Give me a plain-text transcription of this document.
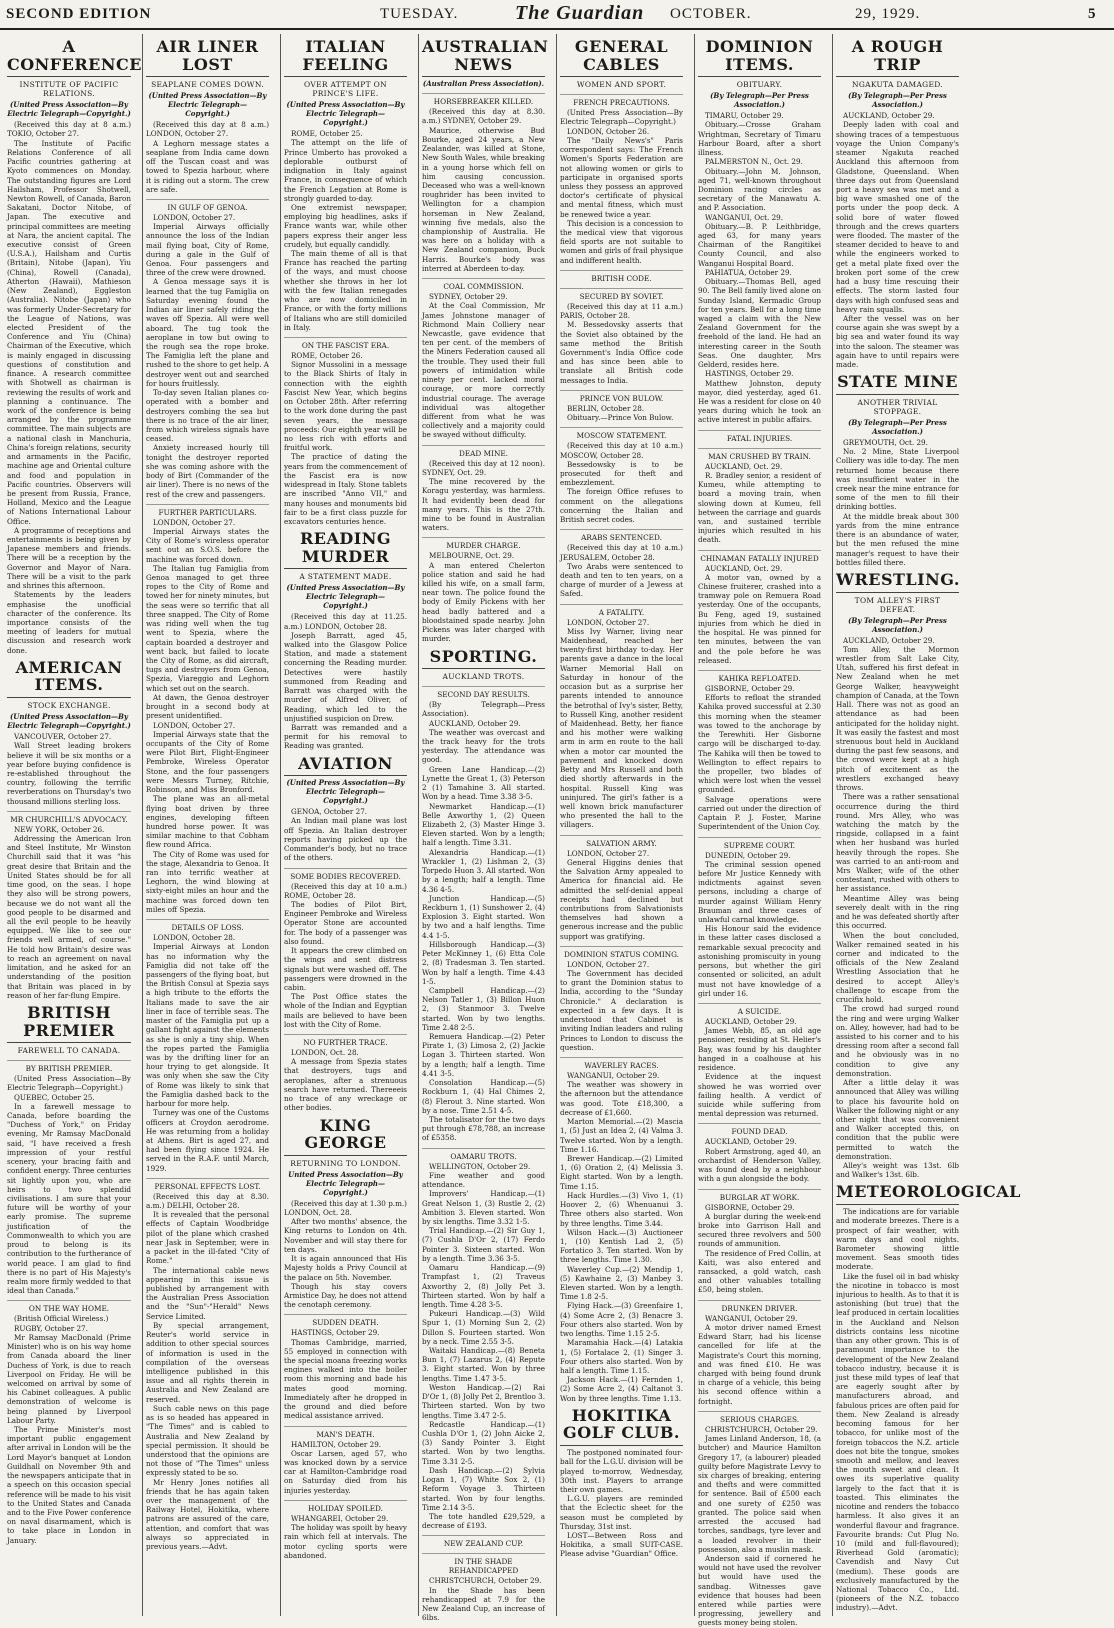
SECOND EDITION	TUESDAY.	The Guardian OCTOBER.	29, 1929.	5
A CONFERENCE
INSTITUTE OF PACIFIC RELATIONS.
(United Press Association—By Electric Telegraph—Copyright.)

(Received this day at 8 a.m.) TOKIO, October 27.

The Institute of Pacific Relations Conference of all Pacific countries gathering at Kyoto commences on Monday. The outstanding figures are Lord Hailsham, Professor Shotwell, Newton Rowell, of Canada, Baron Sakatani, Doctor Nitobe, of Japan. The executive and principal committees are meeting at Nara, the ancient capital. The executive consist of Green (U.S.A.), Hailsham and Curtis (Britain), Nitobe (Japan), Yiu (China), Rowell (Canada), Atherton (Hawaii), Mathieson (New Zealand), Eggleston (Australia). Nitobe (Japan) who was formerly Under-Secretary for the League of Nations, was elected President of the Conference and Yiu (China) Chairman of the Executive, which is mainly engaged in discussing questions of constitution and finance. A research committee with Shotwell as chairman is reviewing the results of work and planning a continuance. The work of the conference is being arranged by the programme committee. The main subjects are a national clash in Manchuria, China's foreign relations, security and armaments in the Pacific, machine age and Oriental culture and food and population in Pacific countries. Observers will be present from Russia, France, Holland, Mexico and the League of Nations International Labour Office.

A programme of receptions and entertainments is being given by Japanese members and friends. There will be a reception by the Governor and Mayor of Nara. There will be a visit to the park and shrines this afternoon.

Statements by the leaders emphasise the unofficial character of the conference. Its importance consists of the meeting of leaders for mutual discussion and research work done.

AMERICAN ITEMS.
STOCK EXCHANGE.
(United Press Association—By Electric Telegraph—Copyright.)

VANCOUVER, October 27.

Wall Street leading brokers believe it will be six months or a year before buying confidence is re-established throughout the country, following the terrific reverberations on Thursday's two thousand millions sterling loss.

MR CHURCHILL'S ADVOCACY.

NEW YORK, October 26.

Addressing the American Iron and Steel Institute, Mr Winston Churchill said that it was "his great desire that Britain and the United States should be for all time good, on the seas. I hope they also will be strong powers, because we do not want all the good people to be disarmed and all the evil people to be heavily equipped. We like to see our friends well armed, of course." He told how Britain's desire was to reach an agreement on naval limitation, and he asked for an understanding of the position that Britain was placed in by reason of her far-flung Empire.

BRITISH PREMIER
FAREWELL TO CANADA.
BY BRITISH PREMIER.

(United Press Association—By Electric Telegraph—Copyright.)

QUEBEC, October 25.

In a farewell message to Canada, before boarding the "Duchess of York," on Friday evening, Mr Ramsay MacDonald said, "I have received a fresh impression of your restful scenery, your bracing faith and confident energy. Three centuries sit lightly upon you, who are heirs to two splendid civilisations. I am sure that your future will be worthy of your early promise. The supreme justification of the Commonwealth to which you are proud to belong is its contribution to the furtherance of world peace. I am glad to find there is no part of His Majesty's realm more firmly wedded to that ideal than Canada."

ON THE WAY HOME.

(British Official Wireless.)

RUGBY, October 27.

Mr Ramsay MacDonald (Prime Minister) who is on his way home from Canada aboard the liner Duchess of York, is due to reach Liverpool on Friday. He will be welcomed on arrival by some of his Cabinet colleagues. A public demonstration of welcome is being planned by Liverpool Labour Party.

The Prime Minister's most important public engagement after arrival in London will be the Lord Mayor's banquet at London Guildhall on November 9th and the newspapers anticipate that in a speech on this occasion special reference will be made to his visit to the United States and Canada and to the Five Power conference on naval disarmament, which is to take place in London in January.

AIR LINER LOST
SEAPLANE COMES DOWN.
(United Press Association—By Electric Telegraph—Copyright.)

(Received this day at 8 a.m.) LONDON, October 27.

A Leghorn message states a seaplane from India came down off the Tuscan coast and was towed to Spezia harbour, where it is riding out a storm. The crew are safe.

IN GULF OF GENOA.

LONDON, October 27.

Imperial Airways officially announce the loss of the Indian mail flying boat, City of Rome, during a gale in the Gulf of Genoa. Four passengers and three of the crew were drowned.

A Genoa message says it is learned that the tug Famiglia on Saturday evening found the Indian air liner safely riding the waves off Spezia. All were well aboard. The tug took the aeroplane in tow but owing to the rough sea the rope broke. The Famiglia left the plane and rushed to the shore to get help. A destroyer went out and searched for hours fruitlessly.

To-day seven Italian planes co-operated with a bomber and destroyers combing the sea but there is no trace of the air liner, from which wireless signals have ceased.

Anxiety increased hourly till tonight the destroyer reported she was coming ashore with the body of Birt (Commander of the air liner). There is no news of the rest of the crew and passengers.

FURTHER PARTICULARS.

LONDON, October 27.

Imperial Airways states the City of Rome's wireless operator sent out an S.O.S. before the machine was forced down.

The Italian tug Famiglia from Genoa managed to get three ropes to the City of Rome and towed her for ninety minutes, but the seas were so terrific that all three snapped. The City of Rome was riding well when the tug went to Spezia, where the captain boarded a destroyer and went back, but failed to locate the City of Rome, as did aircraft, tugs and destroyers from Genoa, Spezia, Viareggio and Leghorn which set out on the search.

At dawn, the Genoa destroyer brought in a second body at present unidentified.

LONDON, October 27.

Imperial Airways state that the occupants of the City of Rome were Pilot Birt, Flight-Engineer Pembroke, Wireless Operator Stone, and the four passengers were Messrs Turney, Ritchie, Robinson, and Miss Bronford.

The plane was an all-metal flying boat driven by three engines, developing fifteen hundred horse power. It was similar machine to that Cobham flew round Africa.

The City of Rome was used for the stage, Alexandria to Genoa. It ran into terrific weather at Leghorn, the wind blowing at sixty-eight miles an hour and the machine was forced down ten miles off Spezia.

DETAILS OF LOSS.

LONDON, October 28.

Imperial Airways at London has no information why the Famiglia did not take off the passengers of the flying boat, but the British Consul at Spezia says a high tribute to the efforts the Italians made to save the air liner in face of terrible seas. The master of the Famiglia put up a gallant fight against the elements as she is only a tiny ship. When the ropes parted the Famiglia was by the drifting liner for an hour trying to get alongside. It was only when she saw the City of Rome was likely to sink that the Famiglia dashed back to the harbour for more help.

Turney was one of the Customs officers at Croydon aerodrome. He was returning from a holiday at Athens. Birt is aged 27, and had been flying since 1924. He served in the R.A.F. until March, 1929.

PERSONAL EFFECTS LOST.

(Received this day at 8.30. a.m.) DELHI, October 28.

It is revealed that the personal effects of Captain Woodbridge pilot of the plane which crashed near Jask in September, were in a packet in the ill-fated "City of Rome."

The international cable news appearing in this issue is published by arrangement with the Australian Press Association and the "Sun"-"Herald" News Service Limited.

By special arrangement, Reuter's world service in addition to other special sources of information is used in the compilation of the overseas intelligence published in this issue and all rights therein in Australia and New Zealand are reserved.

Such cable news on this page as is so headed has appeared in "The Times" and is cabled to Australia and New Zealand by special permission. It should be understood that the opinions are not those of "The Times" unless expressly stated to be so.

Mr Henry Jones notifies all friends that he has again taken over the management of the Railway Hotel, Hokitika, where patrons are assured of the care, attention, and comfort that was always so appreciated in previous years.—Advt.

ITALIAN FEELING
OVER ATTEMPT ON PRINCE'S LIFE.
(United Press Association—By Electric Telegraph—Copyright.)

ROME, October 25.

The attempt on the life of Prince Umberto has provoked a deplorable outburst of indignation in Italy against France, in consequence of which the French Legation at Rome is strongly guarded to-day.

One extremist newspaper, employing big headlines, asks if France wants war, while other papers express their anger less crudely, but equally candidly.

The main theme of all is that France has reached the parting of the ways, and must choose whether she throws in her lot with the few Italian renegades who are now domiciled in France, or with the forty millions of Italians who are still domiciled in Italy.

ON THE FASCIST ERA.

ROME, October 26.

Signor Mussolini in a message to the Black Shirts of Italy in connection with the eighth Fascist New Year, which begins on October 28th. After referring to the work done during the past seven years, the message proceeds: Our eighth year will be no less rich with efforts and fruitful work.

The practice of dating the years from the commencement of the Fascist era is now widespread in Italy. Stone tablets are inscribed "Anno VII," and many houses and monuments bid fair to be a first class puzzle for excavators centuries hence.

READING MURDER
A STATEMENT MADE.
(United Press Association—By Electric Telegraph—Copyright.)

(Received this day at 11.25. a.m.) LONDON, October 28.

Joseph Barratt, aged 45, walked into the Glasgow Police Station, and made a statement concerning the Reading murder. Detectives were hastily summoned from Reading and Barratt was charged with the murder of Alfred Oliver, of Reading, which led to the unjustified suspicion on Drew.

Barratt was remanded and a permit for his removal to Reading was granted.

AVIATION
(United Press Association—By Electric Telegraph—Copyright.)

GENOA, October 27.

An Indian mail plane was lost off Spezia. An Italian destroyer reports having picked up the Commander's body, but no trace of the others.

SOME BODIES RECOVERED.

(Received this day at 10 a.m.) ROME, October 28.

The bodies of Pilot Birt, Engineer Pembroke and Wireless Operator Stone are accounted for. The body of a passenger was also found.

It appears the crew climbed on the wings and sent distress signals but were washed off. The passengers were drowned in the cabin.

The Post Office states the whole of the Indian and Egyptian mails are believed to have been lost with the City of Rome.

NO FURTHER TRACE.

LONDON, Oct. 28.

A message from Spezia states that destroyers, tugs and aeroplanes, after a strenuous search have returned. Thereeeis no trace of any wreckage or other bodies.

KING GEORGE
RETURNING TO LONDON.
United Press Association—By Electric Telegraph—Copyright.)

(Received this day at 1.30 p.m.) LONDON, Oct. 28.

After two months' absence, the King returns to London on 4th. November and will stay there for ten days.

It is again announced that His Majesty holds a Privy Council at the palace on 5th. November.

Though his stay covers Armistice Day, he does not attend the cenotaph ceremony.

SUDDEN DEATH.

HASTINGS, October 29.

Thomas Cambridge, married, 55 employed in connection with the special moana freezing works engines walked into the boiler room this morning and bade his mates good morning. Immediately after he dropped in the ground and died before medical assistance arrived.

MAN'S DEATH.

HAMILTON, October 29.

Oscar Larsen, aged 57, who was knocked down by a service car at Hamilton-Cambridge road on Saturday died from his injuries yesterday.

HOLIDAY SPOILED.

WHANGAREI, October 29.

The holiday was spoilt by heavy rain which fell at intervals. The motor cycling sports were abandoned.

AUSTRALIAN NEWS
(Australian Press Association).
HORSEBREAKER KILLED.

(Received this day at 8.30. a.m.) SYDNEY, October 29.

Maurice, otherwise Bud Bourke, aged 24 years, a New Zealander, was killed at Stone, New South Wales, while breaking in a young horse which fell on him causing concussion. Deceased who was a well-known roughrider has been invited to Wellington for a champion horseman in New Zealand, winning five medals, also the championship of Australia. He was here on a holiday with a New Zealand companion, Buck Harris. Bourke's body was interred at Aberdeen to-day.

COAL COMMISSION.

SYDNEY, October 29.

At the Coal Commission, Mr James Johnstone manager of Richmond Main Colliery near Newcastle, gave evidence that ten per cent. of the members of the Miners Federation caused all the trouble. They used their full powers of intimidation while ninety per cent. lacked moral courage, or more correctly industrial courage. The average individual was altogether different from what he was collectively and a majority could be swayed without difficulty.

DEAD MINE.

(Received this day at 12 noon). SYDNEY, Oct. 29.

The mine recovered by the Koragu yesterday, was harmless. It had evidently been dead for many years. This is the 27th. mine to be found in Australian waters.

MURDER CHARGE.

MELBOURNE, Oct. 29.

A man entered Chelerton police station and said he had killed his wife, on a small farm, near town. The police found the body of Emily Pickens with her head badly battered and a bloodstained spade nearby. John Pickens was later charged with murder.

SPORTING.
AUCKLAND TROTS.
SECOND DAY RESULTS.

(By Telegraph—Press Association).

AUCKLAND, October 29.

The weather was overcast and the track heavy for the trots yesterday. The attendance was good.

Green Lane Handicap.—(2) Lynette the Great 1, (3) Peterson 2 (1) Tamahine 3. All started. Won by a head. Time 3.38 3-5.

Newmarket Handicap.—(1) Belle Axworthy 1, (2) Queen Elizabeth 2, (3) Master Hinge 3. Eleven started. Won by a length; half a length. Time 3.31.

Alexandria Handicap.—(1) Wrackler 1, (2) Lishman 2, (3) Torpedo Huon 3. All started. Won by a length; half a length. Time 4.36 4-5.

Junction Handicap.—(5) Reckburn 1, (1) Sunshower 2, (4) Explosion 3. Eight started. Won by two and a half lengths. Time 4.4 1-5.

Hillsborough Handicap.—(3) Peter McKinney 1, (6) Etta Cole 2, (8) Tradesman 3. Ten started. Won by half a length. Time 4.43 1-5.

Campbell Handicap.—(2) Nelson Tatler 1, (3) Billon Huon 2, (3) Stanmoor 3. Twelve started. Won by two lengths. Time 2.48 2-5.

Remuera Handicap.—(2) Peter Pirate 1, (3) Limosa 2, (2) Jackie Logan 3. Thirteen started. Won by a length; half a length. Time 4.41 3-5.

Consolation Handicap.—(5) Rockburn 1, (4) Hal Chimes 2, (8) Flerout 3. Nine started. Won by a nose. Time 2.51 4-5.

The totalisator for the two days put through £78,788, an increase of £5358.

OAMARU TROTS.

WELLINGTON, October 29.

Fine weather and good attendance.

Improvers' Handicap.—(1) Great Nelson 1, (3) Rustle 2, (2) Ambition 3. Eleven started. Won by six lengths. Time 3.32 1-5.

Trial Handicap.—(2) Sir Guy 1, (7) Cushla D'Or 2, (17) Ferdo Pointer 3. Sixteen started. Won by a length. Time 3.36 3-5.

Oamaru Handicap.—(9) Trampfast 1, (2) Traveus Axworthy 2, (8) Jolly Pet 3. Thirteen started. Won by half a length. Time 4.28 3-5.

Pukeuri Handicap.—(3) Wild Spur 1, (1) Morning Sun 2, (2) Dillon S. Fourteen started. Won by a neck. Time 2.55 3-5.

Waitaki Handicap.—(8) Beneta Bun 1, (7) Lazarus 2, (4) Repute 3. Eight started. Won by three lengths. Time 1.47 3-5.

Weston Handicap.—(2) Rai D'Or 1, (8) Jolly Pet 2, Brentloo 3. Thirteen started. Won by two lengths. Time 3.47 2-5.

Redcastle Handicap.—(1) Cushla D'Or 1, (2) John Aicke 2, (3) Sandy Pointer 3. Eight started. Won by two lengths. Time 3.31 2-5.

Dash Handicap.—(2) Sylvia Logan 1, (7) White Sox 2, (1) Reform Voyage 3. Thirteen started. Won by four lengths. Time 2.14 3-5.

The tote handled £29,529, a decrease of £193.

NEW ZEALAND CUP.
IN THE SHADE REHANDICAPPED

CHRISTCHURCH, October 29.

In the Shade has been rehandicapped at 7.9 for the New Zealand Cup, an increase of 6lbs.

GENERAL CABLES
WOMEN AND SPORT.
FRENCH PRECAUTIONS.

(United Press Association—By Electric Telegraph—Copyright.)

LONDON, October 26.

The "Daily News's" Paris correspondent says: The French Women's Sports Federation are not allowing women or girls to participate in organised sports unless they possess an approved doctor's certificate of physical and mental fitness, which must be renewed twice a year.

This decision is a concession to the medical view that vigorous field sports are not suitable to women and girls of frail physique and indifferent health.

BRITISH CODE.
SECURED BY SOVIET.

(Received this day at 11 a.m.) PARIS, October 28.

M. Bessedovsky asserts that the Soviet also obtained by the same method the British Government's India Office code and has since been able to translate all British code messages to India.

PRINCE VON BULOW.

BERLIN, October 28.

Obituary.—Prince Von Bulow.

MOSCOW STATEMENT.

(Received this day at 10 a.m.) MOSCOW, October 28.

Bessedowsky is to be prosecuted for theft and embezzlement.

The foreign Office refuses to comment on the allegations concerning the Italian and British secret codes.

ARABS SENTENCED.

(Received this day at 10 a.m.) JERUSALEM, October 28.

Two Arabs were sentenced to death and ten to ten years, on a charge of murder of a Jewess at Safed.

A FATALITY.

LONDON, October 27.

Miss Ivy Warner, living near Maidenhead, reached her twenty-first birthday to-day. Her parents gave a dance in the local Warner Memorial Hall on Saturday in honour of the occasion but as a surprise her parents intended to announce the betrothal of Ivy's sister, Betty, to Russell King, another resident of Maidenhead. Betty, her fiance and his mother were walking arm in arm en route to the hall when a motor car mounted the pavement and knocked down Betty and Mrs Russell and both died shortly afterwards in the hospital. Russell King was uninjured. The girl's father is a well known brick manufacturer who presented the hall to the villagers.

SALVATION ARMY.

LONDON, October 27.

General Higgins denies that the Salvation Army appealed to America for financial aid. He admitted the self-denial appeal receipts had declined but contributions from Salvationists themselves had shown a generous increase and the public support was gratifying.

DOMINION STATUS COMING.

LONDON, October 27.

The Government has decided to grant the Dominion status to India, according to the "Sunday Chronicle." A declaration is expected in a few days. It is understood that Cabinet is inviting Indian leaders and ruling Princes to London to discuss the question.

WAVERLEY RACES.

WANGANUI, October 29.

The weather was showery in the afternoon but the attendance was good. Tote £18,300, a decrease of £1,660.

Marton Memorial.—(2) Mascia 1, (5) Just an Idea 2, (4) Valma 3. Twelve started. Won by a length. Time 1.16.

Brewer Handicap.—(2) Limited 1, (6) Oration 2, (4) Melissia 3. Eight started. Won by a length. Time 1.15.

Hack Hurdles.—(3) Vivo 1, (1) Hoover 2, (6) Whenuanui 3. Three others also started. Won by three lengths. Time 3.44.

Wilson Hack.—(3) Auctioneer 1, (10) Kentish Lad 2, (5) Fortatico 3. Ten started. Won by three lengths. Time 1.30.

Waverley Cup.—(2) Mendip 1, (5) Kawhaine 2, (3) Manbey 3. Eleven started. Won by a length. Time 1.8 2-5.

Flying Hack.—(3) Greenfaire 1, (4) Some Acre 2, (3) Benacre 3. Four others also started. Won by two lengths. Time 1.15 2-5.

Maramahia Hack.—(4) Latakia 1, (5) Fortalace 2, (1) Singer 3. Four others also started. Won by half a length. Time 1.15.

Jackson Hack.—(1) Fernden 1, (2) Some Acre 2, (4) Caltanot 3. Won by three lengths. Time 1.13.

HOKITIKA GOLF CLUB.

The postponed nominated four-ball for the L.G.U. division will be played to-morrow, Wednesday, 30th inst. Players to arrange their own games.

L.G.U. players are reminded that the Eclectic sheet for the season must be completed by Thursday, 31st inst.

LOST—Between Ross and Hokitika, a small SUIT-CASE. Please advise "Guardian" Office.

DOMINION ITEMS.
OBITUARY.
(By Telegraph—Per Press Association.)

TIMARU, October 29.

Obituary.—Crosse Graham Wrightman, Secretary of Timaru Harbour Board, after a short illness.

PALMERSTON N., Oct. 29.

Obituary.—John M. Johnson, aged 71, well-known throughout Dominion racing circles as secretary of the Manawatu A. and P. Association.

WANGANUI, Oct. 29.

Obituary.—B. P. Leithbridge, aged 63, for many years Chairman of the Rangitikei County Council, and also Wanganui Hospital Board.

PAHIATUA, October 29.

Obituary.—Thomas Bell, aged 90. The Bell family lived alone on Sunday Island, Kermadic Group for ten years. Bell for a long time waged a claim with the New Zealand Government for the freehold of the land. He had an interesting career in the South Seas. One daughter, Mrs Gelderd, resides here.

HASTINGS, October 29.

Matthew Johnston, deputy mayor, died yesterday, aged 61. He was a resident for close on 40 years during which he took an active interest in public affairs.

FATAL INJURIES.
MAN CRUSHED BY TRAIN.

AUCKLAND, Oct. 29.

R. Bradley senior, a resident of Kumeu, while attempting to board a moving train, when slowing down at Kumeu, fell between the carriage and guards van, and sustained terrible injuries which resulted in his death.

CHINAMAN FATALLY INJURED

AUCKLAND, Oct. 29.

A motor van, owned by a Chinese fruiterer, crashed into a tramway pole on Remuera Road yesterday. One of the occupants, Bu Feng, aged 19, sustained injuries from which he died in the hospital. He was pinned for ten minutes, between the van and the pole before he was released.

KAHIKA REFLOATED.

GISBORNE, October 29.

Efforts to refloat the stranded Kahika proved successful at 2.30 this morning when the steamer was towed to the anchorage by the Terewhiti. Her Gisborne cargo will be discharged to-day. The Kahika will then be towed to Wellington to effect repairs to the propeller, two blades of which were lost when the vessel grounded.

Salvage operations were carried out under the direction of Captain P. J. Foster, Marine Superintendent of the Union Coy.

SUPREME COURT.

DUNEDIN, October 29.

The criminal session opened before Mr Justice Kennedy with indictments against seven persons, including a charge of murder against William Henry Brauman and three cases of unlawful carnal knowledge.

His Honour said the evidence in these latter cases disclosed a remarkable sexual precocity and astonishing promiscuity in young persons, but whether the girl consented or solicited, an adult must not have knowledge of a girl under 16.

A SUICIDE.

AUCKLAND, October 29.

James Webb, 85, an old age pensioner, residing at St. Helier's Bay, was found by his daughter hanged in a coalhouse at his residence.

Evidence at the inquest showed he was worried over failing health. A verdict of suicide while suffering from mental depression was returned.

FOUND DEAD.

AUCKLAND, October 29.

Robert Armstrong, aged 40, an orchardist of Henderson Valley, was found dead by a neighbour with a gun alongside the body.

BURGLAR AT WORK.

GISBORNE, October 29.

A burglar during the week-end broke into Garrison Hall and secured three revolvers and 500 rounds of ammunition.

The residence of Fred Collin, at Kaiti, was also entered and ransacked, a gold watch, cash and other valuables totalling £50, being stolen.

DRUNKEN DRIVER.

WANGANUI, October 29.

A motor driver named Ernest Edward Starr, had his license cancelled for life at the Magistrate's Court this morning, and was fined £10. He was charged with being found drunk in charge of a vehicle, this being his second offence within a fortnight.

SERIOUS CHARGES.

CHRISTCHURCH, October 29.

James Linland Anderson, 18, (a butcher) and Maurice Hamilton Gregory 17, (a labourer) pleaded guilty before Magistrate Levvy to six charges of breaking, entering and thefts and were committed for sentence. Bail of £500 each and one surety of £250 was granted. The police said when arrested the accused had torches, sandbags, tyre lever and a loaded revolver in their possession, also a muslin mask.

Anderson said if cornered he would not have used the revolver but would have used the sandbag. Witnesses gave evidence that houses had been entered while parties were progressing, jewellery and guests money being stolen.

A ROUGH TRIP
NGAKUTA DAMAGED.
(By Telegraph—Per Press Association.)

AUCKLAND, October 29.

Deeply laden with coal and showing traces of a tempestuous voyage the Union Company's steamer Ngakuta reached Auckland this afternoon from Gladstone, Queensland. When three days out from Queensland port a heavy sea was met and a big wave smashed one of the ports under the poop deck. A solid bore of water flowed through and the crews quarters were flooded. The master of the steamer decided to heave to and while the engineers worked to get a metal plate fixed over the broken port some of the crew had a busy time rescuing their effects. The storm lasted four days with high confused seas and heavy rain squalls.

After the vessel was on her course again she was swept by a big sea and water found its way into the saloon. The steamer was again have to until repairs were made.

STATE MINE
ANOTHER TRIVIAL STOPPAGE.
(By Telegraph—Per Press Association.)

GREYMOUTH, Oct. 29.

No. 2 Mine, State Liverpool Colliery was idle to-day. The men returned home because there was insufficient water in the creek near the mine entrance for some of the men to fill their drinking bottles.

At the middle break about 300 yards from the mine entrance there is an abundance of water, but the men refused the mine manager's request to have their bottles filled there.

WRESTLING.
TOM ALLEY'S FIRST DEFEAT.
(By Telegraph—Per Press Association.)

AUCKLAND, October 29.

Tom Alley, the Mormon wrestler from Salt Lake City, Utah, suffered his first defeat in New Zealand when he met George Walker, heavyweight champion of Canada, at the Town Hall. There was not as good an attendance as had been anticipated for the holiday night. It was easily the fastest and most strenuous bout held in Auckland during the past few seasons, and the crowd were kept at a high pitch of excitement as the wrestlers exchanged heavy throws.

There was a rather sensational occurrence during the third round. Mrs Alley, who was watching the match by the ringside, collapsed in a faint when her husband was hurled heavily through the ropes. She was carried to an anti-room and Mrs Walker, wife of the other contestant, rushed with others to her assistance.

Meantime Alley was being severely dealt with in the ring and he was defeated shortly after this occurred.

When the bout concluded, Walker remained seated in his corner and indicated to the officials of the New Zealand Wrestling Association that he desired to accept Alley's challenge to escape from the crucifix hold.

The crowd had surged round the ring and were urging Walker on. Alley, however, had had to be assisted to his corner and to his dressing room after a second fall and he obviously was in no condition to give any demonstration.

After a little delay it was announced that Alley was willing to place his favourite hold on Walker the following night or any other night that was convenient and Walker accepted this, on condition that the public were permitted to watch the demonstration.

Alley's weight was 13st. 6lb and Walker's 13st. 6lb.

METEOROLOGICAL

The indications are for variable and moderate breezes. There is a prospect of fair weather, with warm days and cool nights. Barometer showing little movement. Seas smooth tides moderate.

Like the fusel oil in bad whisky the nicotine in tobacco is most injurious to health. As to that it is astonishing (but true) that the leaf produced in certain localities in the Auckland and Nelson districts contains less nicotine than any other grown. This is of paramount importance to the development of the New Zealand tobacco industry, because it is just these mild types of leaf that are eagerly sought after by manufacturers abroad, and fabulous prices are often paid for them. New Zealand is already becoming famous for her tobacco, for unlike most of the foreign tobaccos the N.Z. article does not bite the tongue, smokes smooth and mellow, and leaves the mouth sweet and clean. It owes its superlative quality largely to the fact that it is toasted. This eliminates the nicotine and renders the tobacco harmless. It also gives it an wonderful flavour and fragrance. Favourite brands: Cut Plug No. 10 (mild and full-flavoured); Riverhead Gold (aromatic); Cavendish and Navy Cut (medium). These goods are exclusively manufactured by the National Tobacco Co., Ltd. (pioneers of the N.Z. tobacco industry).—Advt.
